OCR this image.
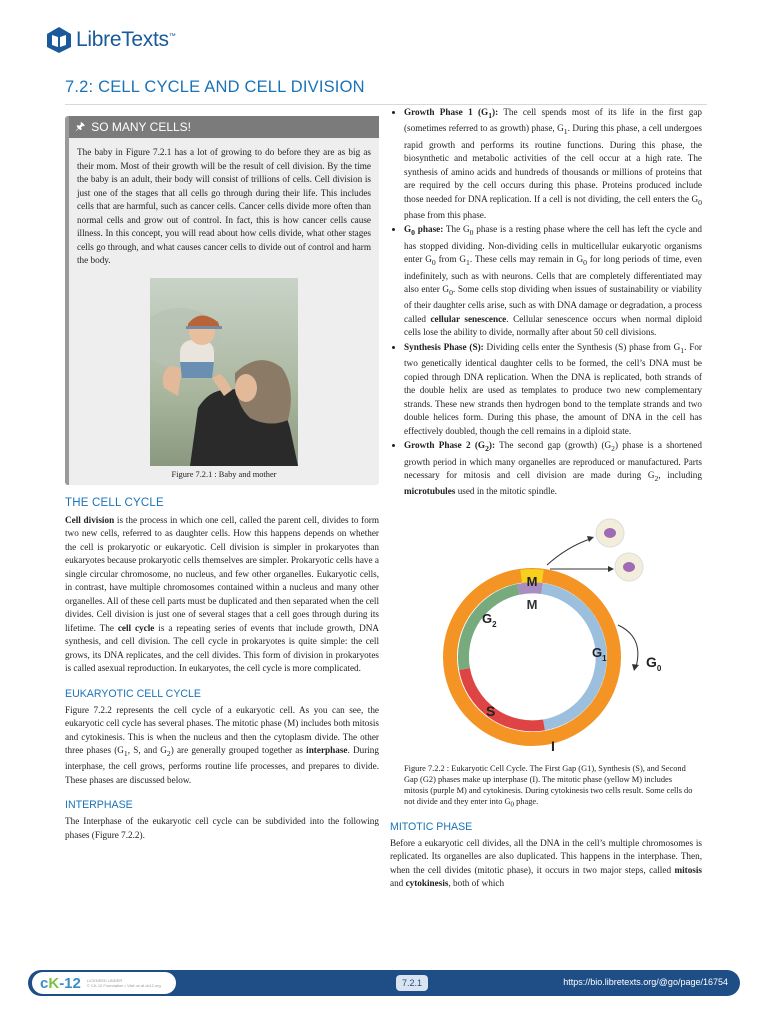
LibreTexts™
7.2: CELL CYCLE AND CELL DIVISION
🖈 SO MANY CELLS!

The baby in Figure 7.2.1 has a lot of growing to do before they are as big as their mom. Most of their growth will be the result of cell division. By the time the baby is an adult, their body will consist of trillions of cells. Cell division is just one of the stages that all cells go through during their life. This includes cells that are harmful, such as cancer cells. Cancer cells divide more often than normal cells and grow out of control. In fact, this is how cancer cells cause illness. In this concept, you will read about how cells divide, what other stages cells go through, and what causes cancer cells to divide out of control and harm the body.

Figure 7.2.1 : Baby and mother
THE CELL CYCLE

Cell division is the process in which one cell, called the parent cell, divides to form two new cells, referred to as daughter cells. How this happens depends on whether the cell is prokaryotic or eukaryotic. Cell division is simpler in prokaryotes than eukaryotes because prokaryotic cells themselves are simpler. Prokaryotic cells have a single circular chromosome, no nucleus, and few other organelles. Eukaryotic cells, in contrast, have multiple chromosomes contained within a nucleus and many other organelles. All of these cell parts must be duplicated and then separated when the cell divides. Cell division is just one of several stages that a cell goes through during its lifetime. The cell cycle is a repeating series of events that include growth, DNA synthesis, and cell division. The cell cycle in prokaryotes is quite simple: the cell grows, its DNA replicates, and the cell divides. This form of division in prokaryotes is called asexual reproduction. In eukaryotes, the cell cycle is more complicated.

EUKARYOTIC CELL CYCLE

Figure 7.2.2 represents the cell cycle of a eukaryotic cell. As you can see, the eukaryotic cell cycle has several phases. The mitotic phase (M) includes both mitosis and cytokinesis. This is when the nucleus and then the cytoplasm divide. The other three phases ($G_1$, S, and $G_2$) are generally grouped together as interphase. During interphase, the cell grows, performs routine life processes, and prepares to divide. These phases are discussed below.

INTERPHASE

The Interphase of the eukaryotic cell cycle can be subdivided into the following phases (Figure 7.2.2).

• Growth Phase 1 $(G_1)$: The cell spends most of its life in the first gap (sometimes referred to as growth) phase, $G_1$. During this phase, a cell undergoes rapid growth and performs its routine functions. During this phase, the biosynthetic and metabolic activities of the cell occur at a high rate. The synthesis of amino acids and hundreds of thousands or millions of proteins that are required by the cell occurs during this phase. Proteins produced include those needed for DNA replication. If a cell is not dividing, the cell enters the $G_0$ phase from this phase.
• $G_0$ phase: The $G_0$ phase is a resting phase where the cell has left the cycle and has stopped dividing. Non-dividing cells in multicellular eukaryotic organisms enter $G_0$ from $G_1$. These cells may remain in $G_0$ for long periods of time, even indefinitely, such as with neurons. Cells that are completely differentiated may also enter $G_0$. Some cells stop dividing when issues of sustainability or viability of their daughter cells arise, such as with DNA damage or degradation, a process called cellular senescence. Cellular senescence occurs when normal diploid cells lose the ability to divide, normally after about 50 cell divisions.
• Synthesis Phase (S): Dividing cells enter the Synthesis (S) phase from $G_1$. For two genetically identical daughter cells to be formed, the cell’s DNA must be copied through DNA replication. When the DNA is replicated, both strands of the double helix are used as templates to produce two new complementary strands. These new strands then hydrogen bond to the template strands and two double helices form. During this phase, the amount of DNA in the cell has effectively doubled, though the cell remains in a diploid state.
• Growth Phase 2 $(G_2)$: The second gap (growth) $(G_2)$ phase is a shortened growth period in which many organelles are reproduced or manufactured. Parts necessary for mitosis and cell division are made during $G_2$, including microtubules used in the mitotic spindle.
M
M
$G_2$
$G_1$
S
I
$G_0$
Figure 7.2.2 : Eukaryotic Cell Cycle. The First Gap (G1), Synthesis (S), and Second Gap (G2) phases make up interphase (I). The mitotic phase (yellow M) includes mitosis (purple M) and cytokinesis. During cytokinesis two cells result. Some cells do not divide and they enter into $G_0$ phage.
MITOTIC PHASE

Before a eukaryotic cell divides, all the DNA in the cell’s multiple chromosomes is replicated. Its organelles are also duplicated. This happens in the interphase. Then, when the cell divides (mitotic phase), it occurs in two major steps, called mitosis and cytokinesis, both of which

cK-12 LICENSED UNDER
© CK-12 Foundation • Visit us at ck12.org	7.2.1	https://bio.libretexts.org/@go/page/16754
